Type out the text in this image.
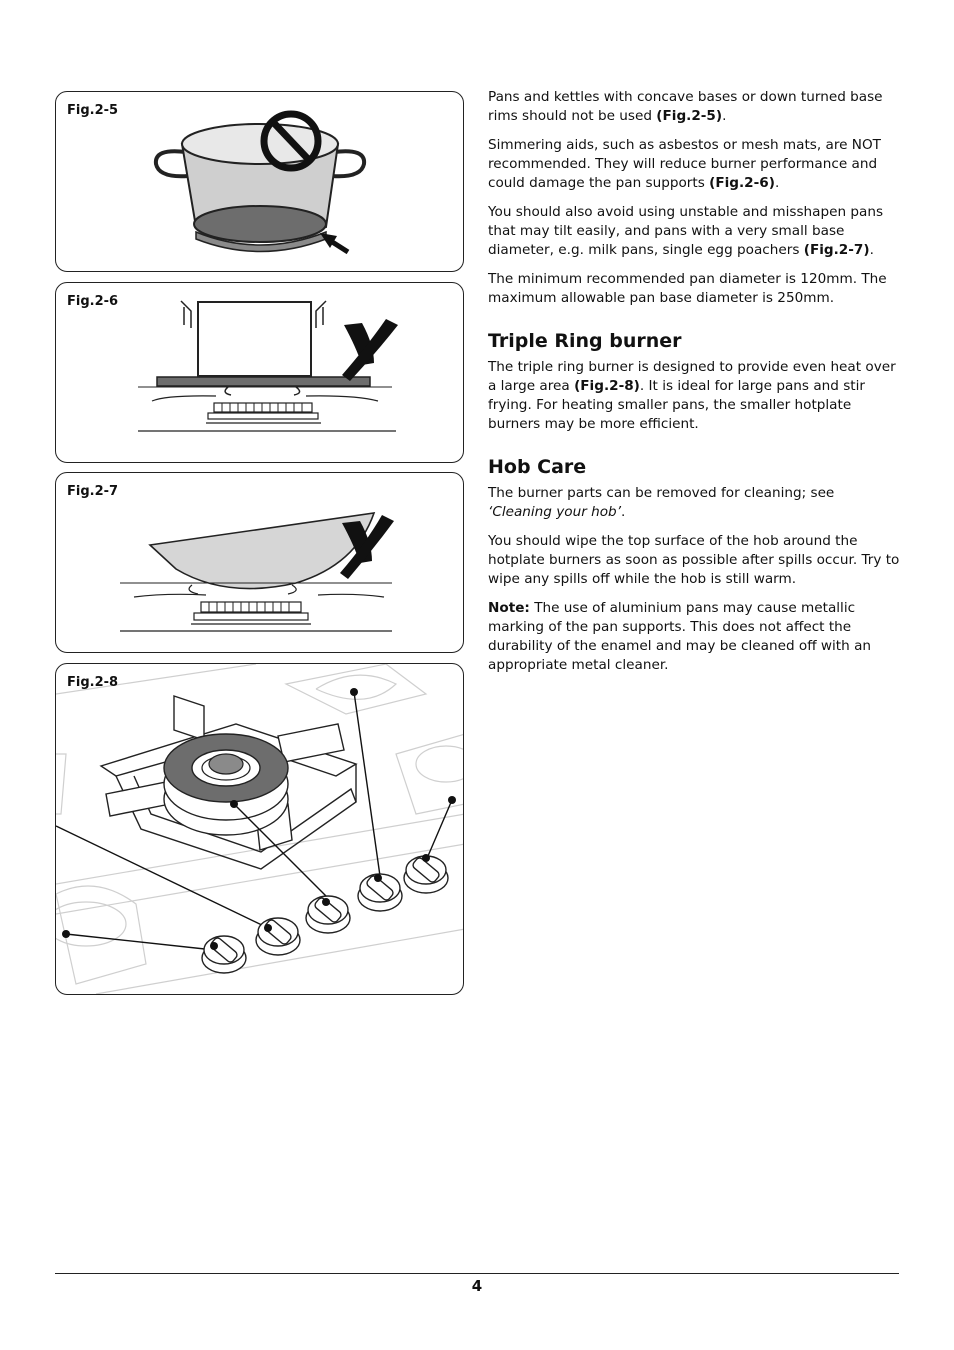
Fig.2-5
Fig.2-6
Fig.2-7
Fig.2-8

Pans and kettles with concave bases or down turned base rims should not be used (Fig.2-5).

Simmering aids, such as asbestos or mesh mats, are NOT recommended. They will reduce burner performance and could damage the pan supports (Fig.2-6).

You should also avoid using unstable and misshapen pans that may tilt easily, and pans with a very small base diameter, e.g. milk pans, single egg poachers (Fig.2-7).

The minimum recommended pan diameter is 120mm. The maximum allowable pan base diameter is 250mm.

Triple Ring burner

The triple ring burner is designed to provide even heat over a large area (Fig.2-8). It is ideal for large pans and stir frying. For heating smaller pans, the smaller hotplate burners may be more efficient.

Hob Care

The burner parts can be removed for cleaning; see ‘Cleaning your hob’.

You should wipe the top surface of the hob around the hotplate burners as soon as possible after spills occur. Try to wipe any spills off while the hob is still warm.

Note: The use of aluminium pans may cause metallic marking of the pan supports. This does not affect the durability of the enamel and may be cleaned off with an appropriate metal cleaner.

4
